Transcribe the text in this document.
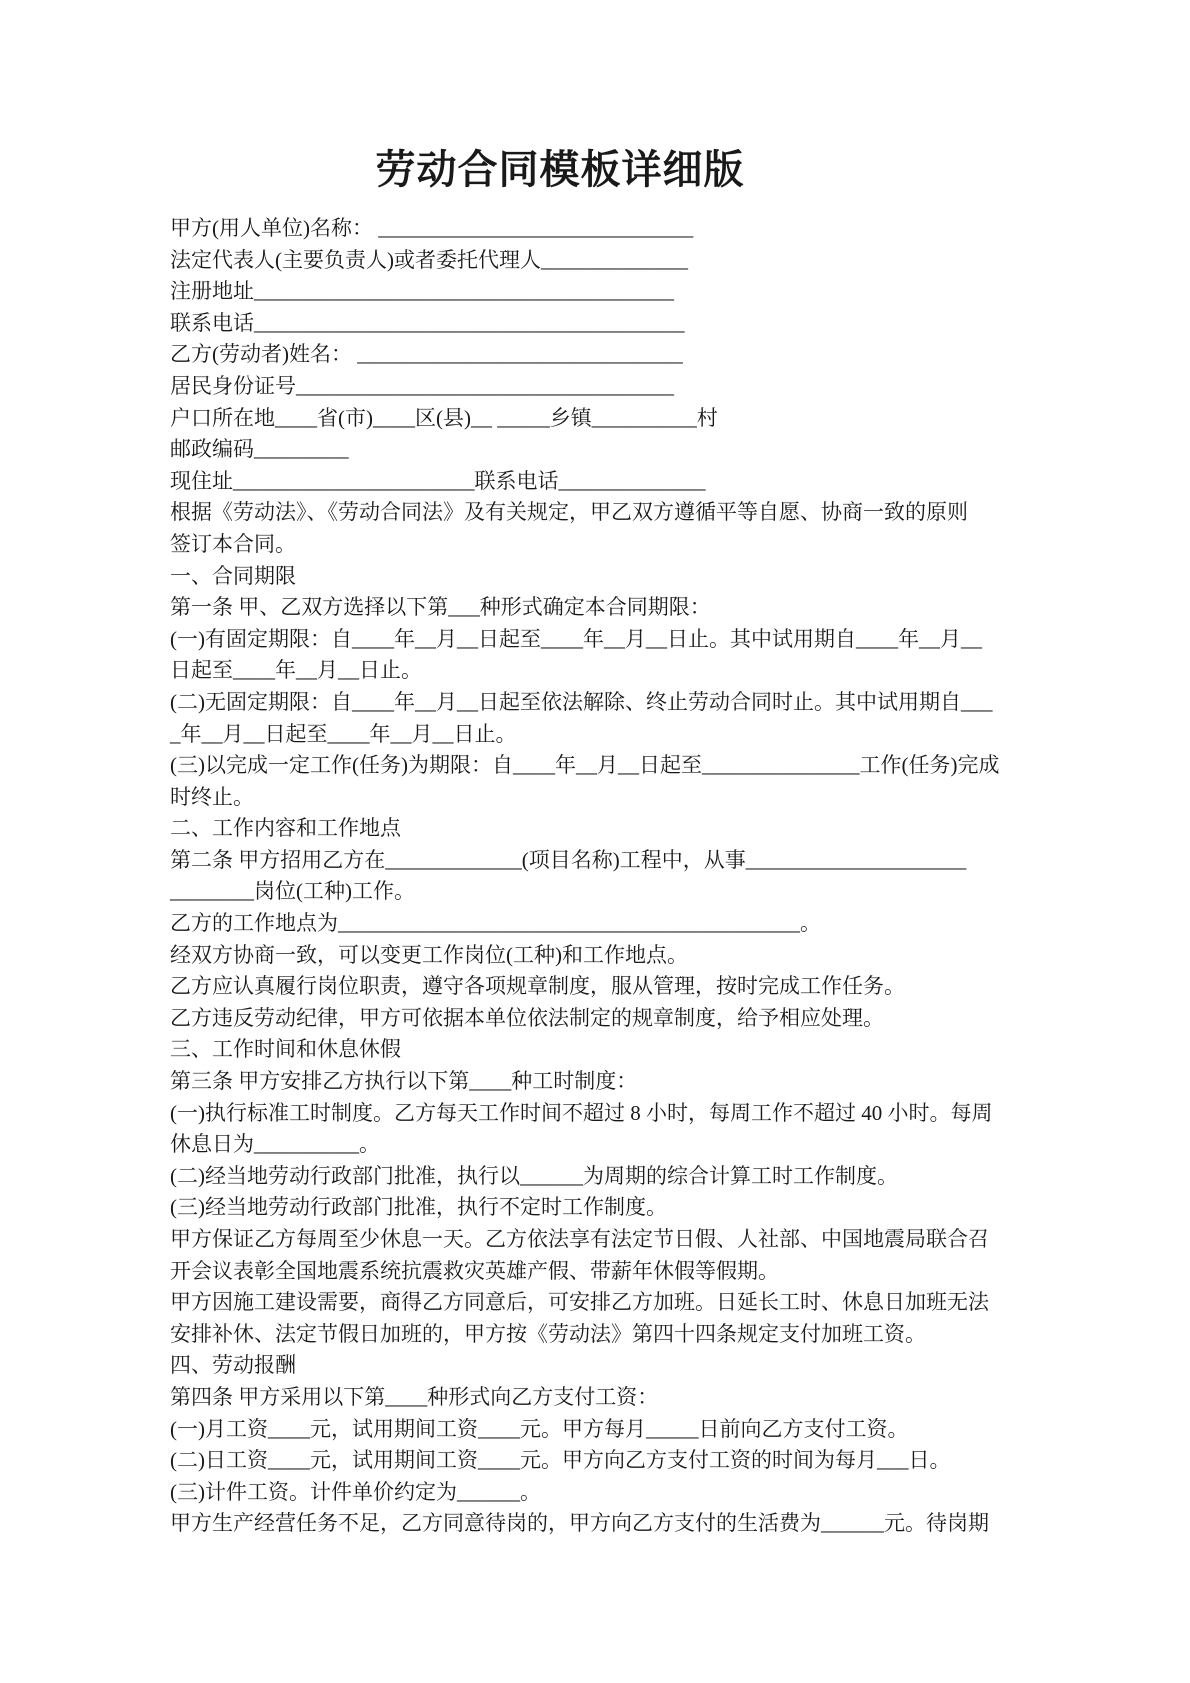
劳动合同模板详细版
甲方(用人单位)名称： ______________________________
法定代表人(主要负责人)或者委托代理人______________
注册地址________________________________________
联系电话_________________________________________
乙方(劳动者)姓名： _______________________________
居民身份证号____________________________________
户口所在地____省(市)____区(县)__ _____乡镇__________村
邮政编码_________
现住址_______________________联系电话______________
根据《劳动法》、《劳动合同法》及有关规定，甲乙双方遵循平等自愿、协商一致的原则
签订本合同。
一、合同期限
第一条 甲、乙双方选择以下第___种形式确定本合同期限：
(一)有固定期限：自____年__月__日起至____年__月__日止。其中试用期自____年__月__
日起至____年__月__日止。
(二)无固定期限：自____年__月__日起至依法解除、终止劳动合同时止。其中试用期自___
_年__月__日起至____年__月__日止。
(三)以完成一定工作(任务)为期限：自____年__月__日起至_______________工作(任务)完成
时终止。
二、工作内容和工作地点
第二条 甲方招用乙方在_____________(项目名称)工程中，从事_____________________
________岗位(工种)工作。
乙方的工作地点为____________________________________________。
经双方协商一致，可以变更工作岗位(工种)和工作地点。
乙方应认真履行岗位职责，遵守各项规章制度，服从管理，按时完成工作任务。
乙方违反劳动纪律，甲方可依据本单位依法制定的规章制度，给予相应处理。
三、工作时间和休息休假
第三条 甲方安排乙方执行以下第____种工时制度：
(一)执行标准工时制度。乙方每天工作时间不超过 8 小时，每周工作不超过 40 小时。每周
休息日为__________。
(二)经当地劳动行政部门批准，执行以______为周期的综合计算工时工作制度。
(三)经当地劳动行政部门批准，执行不定时工作制度。
甲方保证乙方每周至少休息一天。乙方依法享有法定节日假、人社部、中国地震局联合召
开会议表彰全国地震系统抗震救灾英雄产假、带薪年休假等假期。
甲方因施工建设需要，商得乙方同意后，可安排乙方加班。日延长工时、休息日加班无法
安排补休、法定节假日加班的，甲方按《劳动法》第四十四条规定支付加班工资。
四、劳动报酬
第四条 甲方采用以下第____种形式向乙方支付工资：
(一)月工资____元，试用期间工资____元。甲方每月_____日前向乙方支付工资。
(二)日工资____元，试用期间工资____元。甲方向乙方支付工资的时间为每月___日。
(三)计件工资。计件单价约定为______。
甲方生产经营任务不足，乙方同意待岗的，甲方向乙方支付的生活费为______元。待岗期
